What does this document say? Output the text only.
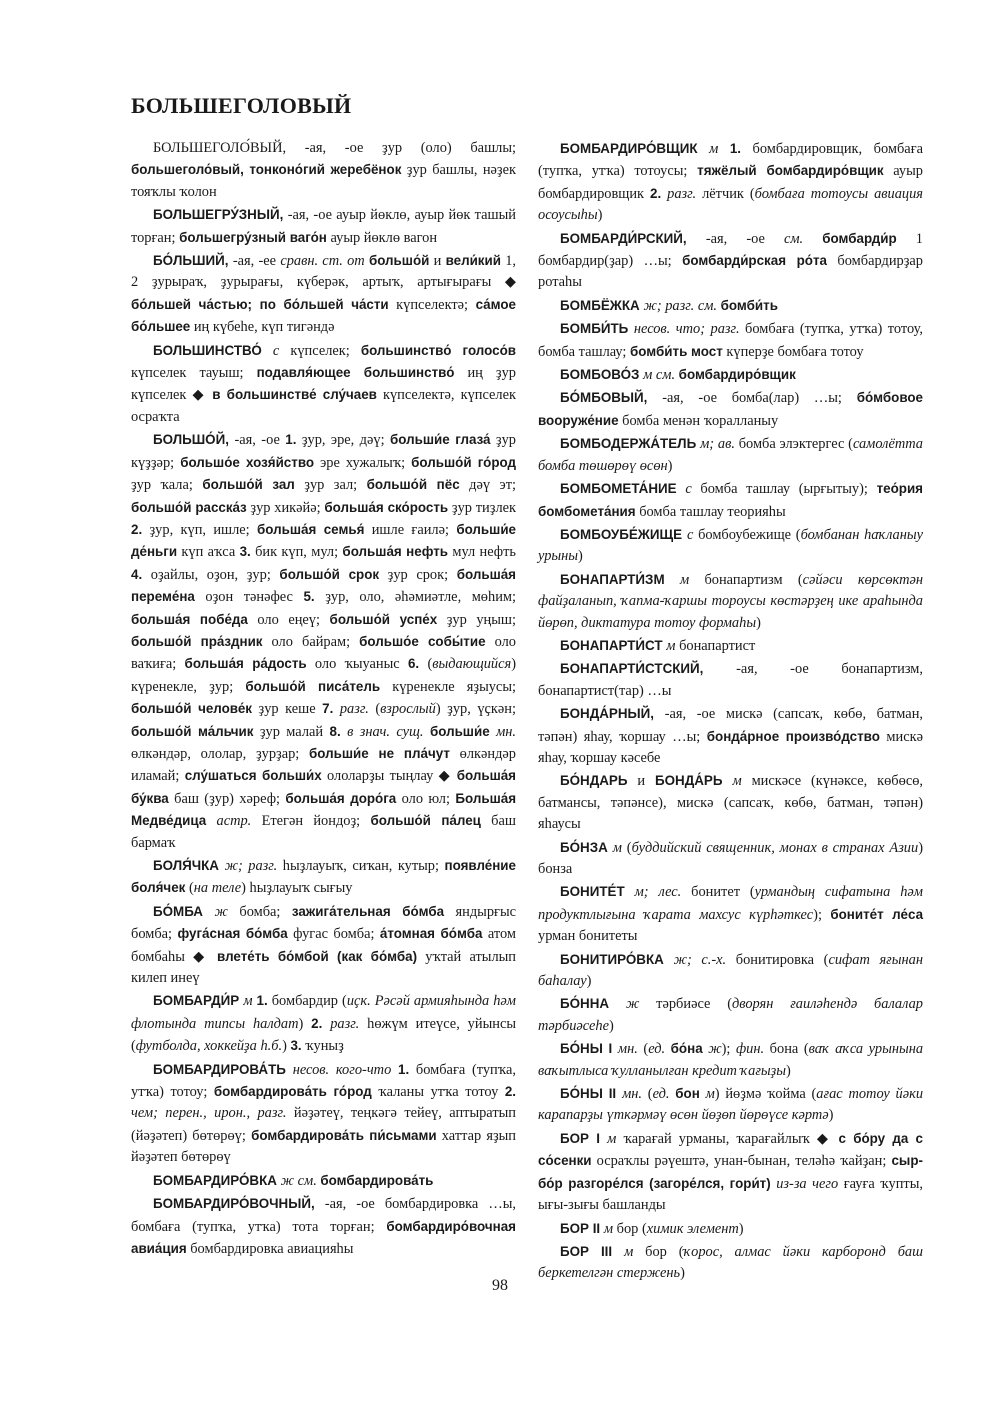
БОЛЬШЕГОЛОВЫЙ

БОЛЬШЕГОЛО́ВЫЙ, -ая, -ое ҙур (оло) башлы; большеголо́вый, тонконо́гий жеребёнок ҙур башлы, нәҙек тояҡлы ҡолон

БОЛЬШЕГРУ́ЗНЫЙ, -ая, -ое ауыр йөклө, ауыр йөк ташый торған; большегру́зный ваго́н ауыр йөклө вагон

БО́ЛЬШИЙ, -ая, -ее сравн. ст. от большо́й и вели́кий 1, 2 ҙурыраҡ, ҙурырағы, күберәк, артыҡ, артығырағы ◆ бо́льшей ча́стью; по бо́льшей ча́сти күпселектә; са́мое бо́льшее иң күбеһе, күп тигәндә

БОЛЬШИНСТВО́ с күпселек; большинство́ голосо́в күпселек тауыш; подавля́ющее большинство́ иң ҙур күпселек ◆ в большинстве́ слу́чаев күпселектә, күпселек осраҡта

БОЛЬШО́Й, -ая, -ое 1. ҙур, эре, дәү; больши́е глаза́ ҙур күҙҙәр; большо́е хозя́йство эре хужалыҡ; большо́й го́род ҙур ҡала; большо́й зал ҙур зал; большо́й пёс дәү эт; большо́й расска́з ҙур хикәйә; больша́я ско́рость ҙур тиҙлек 2. ҙур, күп, ишле; больша́я семья́ ишле ғаилә; больши́е де́ньги күп аҡса 3. бик күп, мул; больша́я нефть мул нефть 4. оҙайлы, оҙон, ҙур; большо́й срок ҙур срок; больша́я переме́на оҙон тәнәфес 5. ҙур, оло, әһәмиәтле, мөһим; больша́я побе́да оло еңеү; большо́й успе́х ҙур уңыш; большо́й пра́здник оло байрам; большо́е собы́тие оло ваҡиға; больша́я ра́дость оло ҡыуаныс 6. (выдающийся) күренекле, ҙур; большо́й писа́тель күренекле яҙыусы; большо́й челове́к ҙур кеше 7. разг. (взрослый) ҙур, үҫкән; большо́й ма́льчик ҙур малай 8. в знач. сущ. больши́е мн. өлкәндәр, ололар, ҙурҙар; больши́е не пла́чут өлкәндәр иламай; слу́шаться больши́х ололарҙы тыңлау ◆ больша́я бу́ква баш (ҙур) хәреф; больша́я доро́га оло юл; Больша́я Медве́дица астр. Етегән йондоҙ; большо́й па́лец баш бармаҡ

БОЛЯ́ЧКА ж; разг. һыҙлауыҡ, сиҡан, кутыр; появле́ние боля́чек (на теле) һыҙлауыҡ сығыу

БО́МБА ж бомба; зажига́тельная бо́мба яндырғыс бомба; фуга́сная бо́мба фугас бомба; а́томная бо́мба атом бомбаһы ◆ влете́ть бо́мбой (как бо́мба) уҡтай атылып килеп инеү

БОМБАРДИ́Р м 1. бомбардир (иҫк. Рәсәй армияһында һәм флотында типсы һалдат) 2. разг. һөжүм итеүсе, уйынсы (футболда, хоккейҙа һ.б.) 3. ҡуныҙ

БОМБАРДИРОВА́ТЬ несов. кого-что 1. бомбаға (тупҡа, утҡа) тотоу; бомбардирова́ть го́род ҡаланы утҡа тотоу 2. чем; перен., ирон., разг. йәҙәтеү, теңкәгә тейеү, аптыратып (йәҙәтеп) бөтөрөү; бомбардирова́ть пи́сьмами хаттар яҙып йәҙәтеп бөтөрөү

БОМБАРДИРО́ВКА ж см. бомбардирова́ть

БОМБАРДИРО́ВОЧНЫЙ, -ая, -ое бомбардировка …ы, бомбаға (тупҡа, утҡа) тота торған; бомбардиро́вочная авиа́ция бомбардировка авиацияһы

БОМБАРДИРО́ВЩИК м 1. бомбардировщик, бомбаға (тупҡа, утҡа) тотоусы; тяжёлый бомбардиро́вщик ауыр бомбардировщик 2. разг. лётчик (бомбаға тотоусы авиация осоусыһы)

БОМБАРДИ́РСКИЙ, -ая, -ое см. бомбарди́р 1 бомбардир(ҙар) …ы; бомбарди́рская ро́та бомбардирҙар ротаһы

БОМБЁЖКА ж; разг. см. бомби́ть

БОМБИ́ТЬ несов. что; разг. бомбаға (тупҡа, утҡа) тотоу, бомба ташлау; бомби́ть мост күперҙе бомбаға тотоу

БОМБОВО́З м см. бомбардиро́вщик

БО́МБОВЫЙ, -ая, -ое бомба(лар) …ы; бо́мбовое вооруже́ние бомба менән ҡоралланыу

БОМБОДЕРЖА́ТЕЛЬ м; ав. бомба элэктергес (самолётта бомба төшөрөү өсөн)

БОМБОМЕТА́НИЕ с бомба ташлау (ырғытыу); тео́рия бомбомета́ния бомба ташлау теорияһы

БОМБОУБЕ́ЖИЩЕ с бомбоубежище (бомбанан һаҡланыу урыны)

БОНАПАРТИ́ЗМ м бонапартизм (сәйәси көрсөктән файҙаланып, ҡапма-ҡаршы тороусы көстәрҙең ике араһында йөрөп, диктатура тотоу формаһы)

БОНАПАРТИ́СТ м бонапартист

БОНАПАРТИ́СТСКИЙ, -ая, -ое бонапартизм, бонапартист(тар) …ы

БОНДА́РНЫЙ, -ая, -ое мискә (сапсаҡ, көбө, батман, тәпән) яһау, ҡоршау …ы; бонда́рное произво́дство мискә яһау, ҡоршау кәсебе

БО́НДАРЬ и БОНДА́РЬ м мискәсе (күнәксе, көбөсө, батмансы, тәпәнсе), мискә (сапсаҡ, көбө, батман, тәпән) яһаусы

БО́НЗА м (буддийский священник, монах в странах Азии) бонза

БОНИТЕ́Т м; лес. бонитет (урмандың сифатына һәм продуктлығына ҡарата махсус күрһәткес); боните́т ле́са урман бонитеты

БОНИТИРО́ВКА ж; с.-х. бонитировка (сифат яғынан баһалау)

БО́ННА ж тәрбиәсе (дворян ғаиләһендә балалар тәрбиәсеһе)

БО́НЫ I мн. (ед. бо́на ж); фин. бона (ваҡ аҡса урынына ваҡытлыса ҡулланылған кредит ҡағыҙы)

БО́НЫ II мн. (ед. бон м) йөҙмә ҡойма (ағас тотоу йәки карапарҙы үткәрмәү өсөн йөҙөп йөрөүсе кәртә)

БОР I м ҡарағай урманы, ҡарағайлыҡ ◆ с бо́ру да с со́сенки осраҡлы рәүештә, унан-бынан, теләһә ҡайҙан; сыр-бо́р разгоре́лся (загоре́лся, гори́т) из-за чего ғауға ҡупты, ығы-зығы башланды

БОР II м бор (химик элемент)

БОР III м бор (ҡорос, алмас йәки карборонд баш беркетелгән стержень)

98
